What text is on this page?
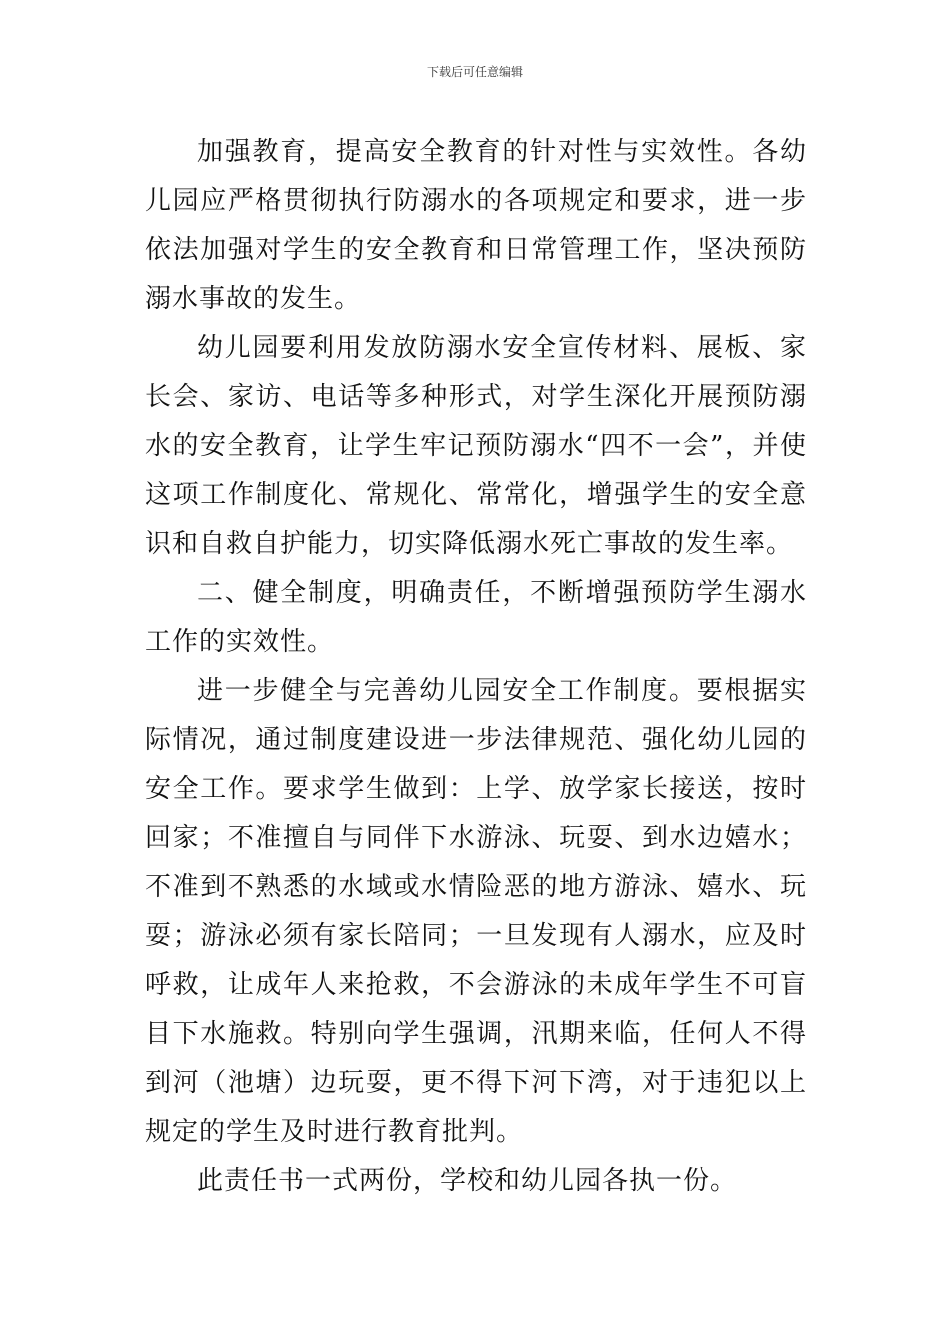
下载后可任意编辑

加强教育，提高安全教育的针对性与实效性。各幼儿园应严格贯彻执行防溺水的各项规定和要求，进一步依法加强对学生的安全教育和日常管理工作，坚决预防溺水事故的发生。

幼儿园要利用发放防溺水安全宣传材料、展板、家长会、家访、电话等多种形式，对学生深化开展预防溺水的安全教育，让学生牢记预防溺水“四不一会”，并使这项工作制度化、常规化、常常化，增强学生的安全意识和自救自护能力，切实降低溺水死亡事故的发生率。

二、健全制度，明确责任，不断增强预防学生溺水工作的实效性。

进一步健全与完善幼儿园安全工作制度。要根据实际情况，通过制度建设进一步法律规范、强化幼儿园的安全工作。要求学生做到：上学、放学家长接送，按时回家；不准擅自与同伴下水游泳、玩耍、到水边嬉水；不准到不熟悉的水域或水情险恶的地方游泳、嬉水、玩耍；游泳必须有家长陪同；一旦发现有人溺水，应及时呼救，让成年人来抢救，不会游泳的未成年学生不可盲目下水施救。特别向学生强调，汛期来临，任何人不得到河（池塘）边玩耍，更不得下河下湾，对于违犯以上规定的学生及时进行教育批判。

此责任书一式两份，学校和幼儿园各执一份。
